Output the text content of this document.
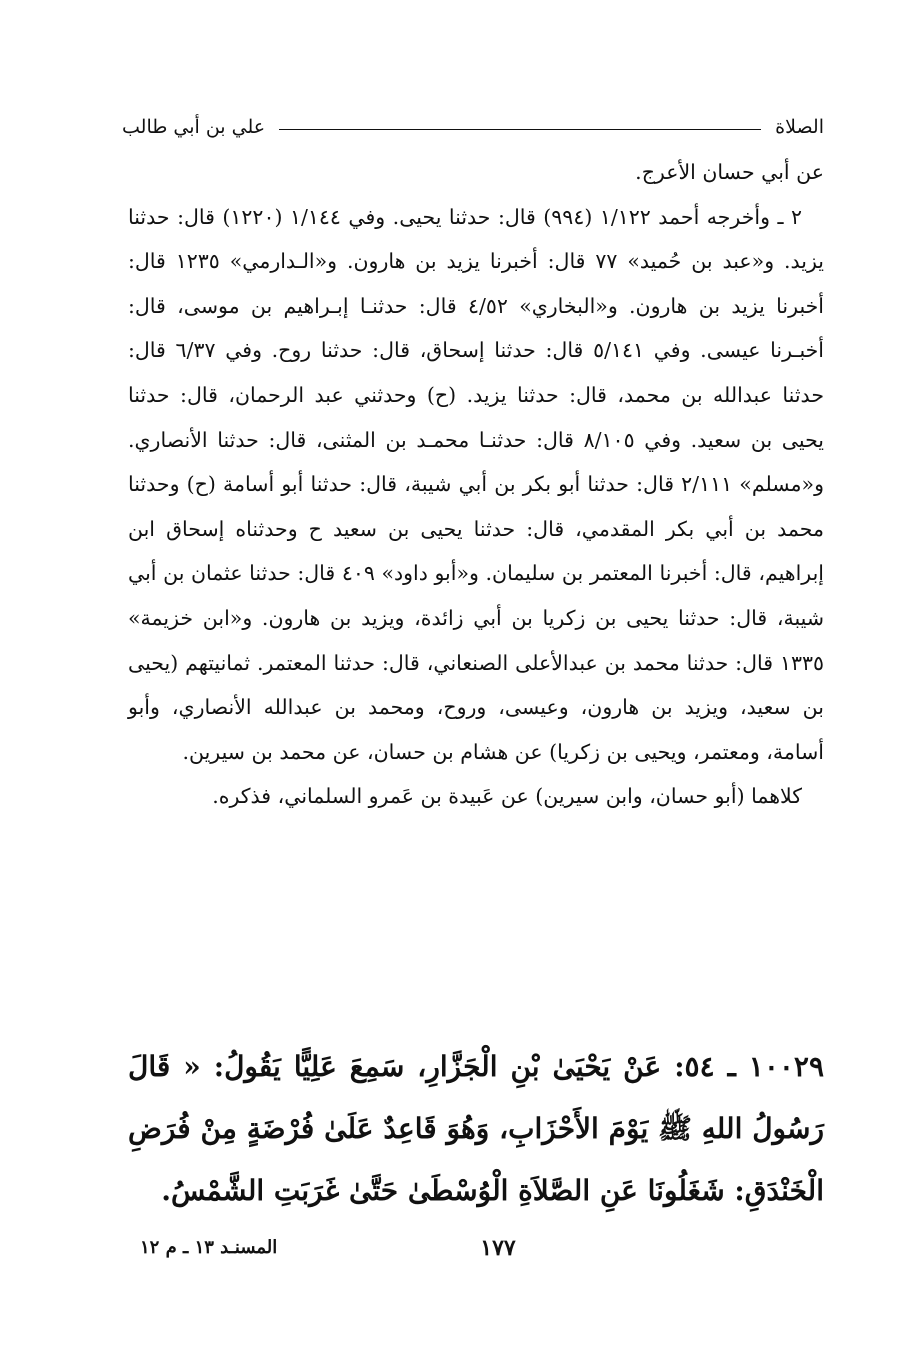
الصلاة
علي بن أبي طالب

عن أبي حسان الأعرج.

٢ ـ وأخرجه أحمد ١/١٢٢ (٩٩٤) قال: حدثنا يحيى. وفي ١/١٤٤ (١٢٢٠) قال: حدثنا يزيد. و«عبد بن حُميد» ٧٧ قال: أخبرنا يزيد بن هارون. و«الـدارمي» ١٢٣٥ قال: أخبرنا يزيد بن هارون. و«البخاري» ٤/٥٢ قال: حدثنـا إبـراهيم بن موسى، قال: أخبـرنا عيسى. وفي ٥/١٤١ قال: حدثنا إسحاق، قال: حدثنا روح. وفي ٦/٣٧ قال: حدثنا عبدالله بن محمد، قال: حدثنا يزيد. (ح) وحدثني عبد الرحمان، قال: حدثنا يحيى بن سعيد. وفي ٨/١٠٥ قال: حدثنـا محمـد بن المثنى، قال: حدثنا الأنصاري. و«مسلم» ٢/١١١ قال: حدثنا أبو بكر بن أبي شيبة، قال: حدثنا أبو أسامة (ح) وحدثنا محمد بن أبي بكر المقدمي، قال: حدثنا يحيى بن سعيد ح وحدثناه إسحاق ابن إبراهيم، قال: أخبرنا المعتمر بن سليمان. و«أبو داود» ٤٠٩ قال: حدثنا عثمان بن أبي شيبة، قال: حدثنا يحيى بن زكريا بن أبي زائدة، ويزيد بن هارون. و«ابن خزيمة» ١٣٣٥ قال: حدثنا محمد بن عبدالأعلى الصنعاني، قال: حدثنا المعتمر. ثمانيتهم (يحيى بن سعيد، ويزيد بن هارون، وعيسى، وروح، ومحمد بن عبدالله الأنصاري، وأبو أسامة، ومعتمر، ويحيى بن زكريا) عن هشام بن حسان، عن محمد بن سيرين.

كلاهما (أبو حسان، وابن سيرين) عن عَبيدة بن عَمرو السلماني، فذكره.

١٠٠٢٩ ـ ٥٤: عَنْ يَحْيَىٰ بْنِ الْجَزَّارِ، سَمِعَ عَلِيًّا يَقُولُ: « قَالَ رَسُولُ اللهِ ﷺ يَوْمَ الأَحْزَابِ، وَهُوَ قَاعِدٌ عَلَىٰ فُرْضَةٍ مِنْ فُرَضِ الْخَنْدَقِ: شَغَلُونَا عَنِ الصَّلاَةِ الْوُسْطَىٰ حَتَّىٰ غَرَبَتِ الشَّمْسُ.

المسنـد ١٣ ـ م ١٢	١٧٧
